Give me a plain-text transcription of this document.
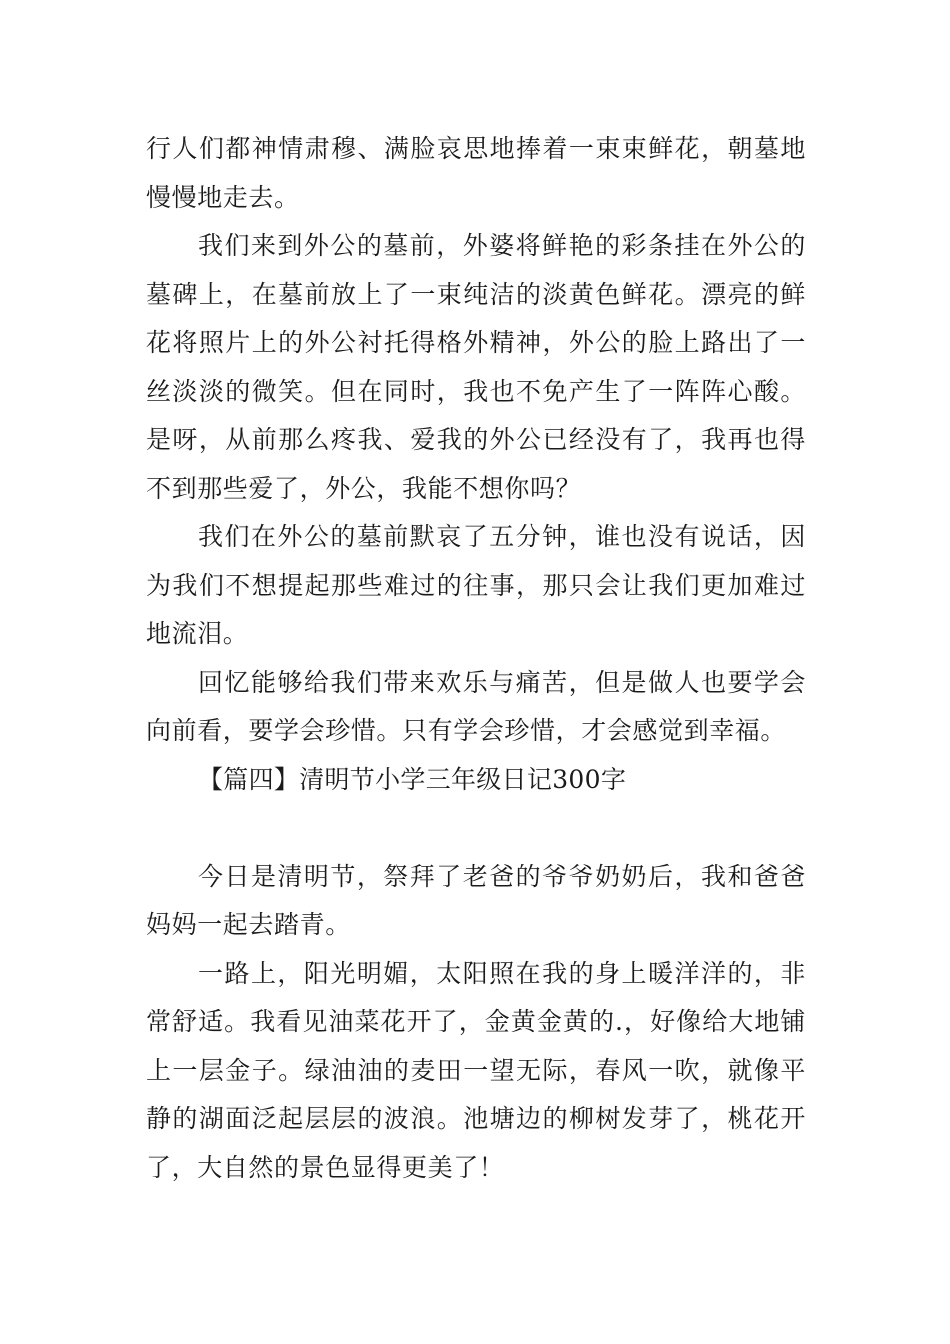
行人们都神情肃穆、满脸哀思地捧着一束束鲜花，朝墓地慢慢地走去。

我们来到外公的墓前，外婆将鲜艳的彩条挂在外公的墓碑上，在墓前放上了一束纯洁的淡黄色鲜花。漂亮的鲜花将照片上的外公衬托得格外精神，外公的脸上路出了一丝淡淡的微笑。但在同时，我也不免产生了一阵阵心酸。是呀，从前那么疼我、爱我的外公已经没有了，我再也得不到那些爱了，外公，我能不想你吗？

我们在外公的墓前默哀了五分钟，谁也没有说话，因为我们不想提起那些难过的往事，那只会让我们更加难过地流泪。

回忆能够给我们带来欢乐与痛苦，但是做人也要学会向前看，要学会珍惜。只有学会珍惜，才会感觉到幸福。

【篇四】清明节小学三年级日记300字

今日是清明节，祭拜了老爸的爷爷奶奶后，我和爸爸妈妈一起去踏青。

一路上，阳光明媚，太阳照在我的身上暖洋洋的，非常舒适。我看见油菜花开了，金黄金黄的.，好像给大地铺上一层金子。绿油油的麦田一望无际，春风一吹，就像平静的湖面泛起层层的波浪。池塘边的柳树发芽了，桃花开了，大自然的景色显得更美了！
